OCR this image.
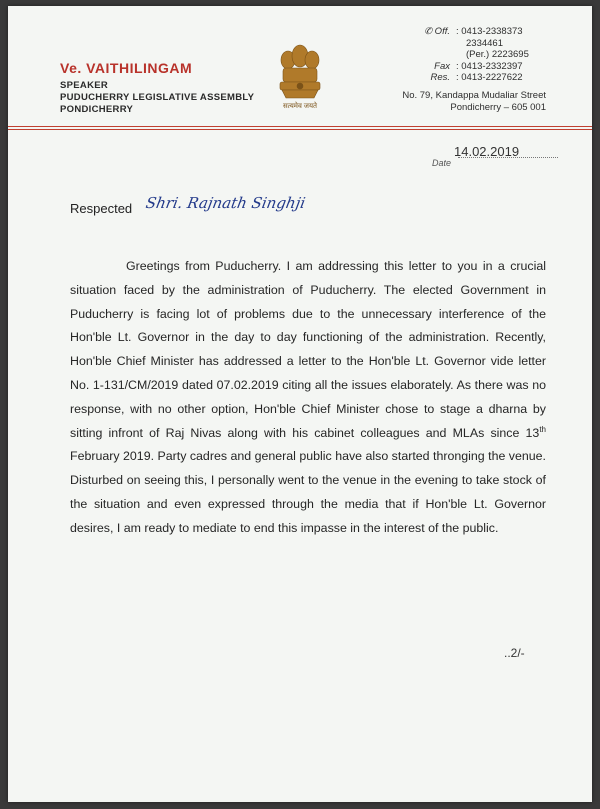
Ve. VAITHILINGAM
SPEAKER
PUDUCHERRY LEGISLATIVE ASSEMBLY
PONDICHERRY	सत्यमेव जयते
✆ Off. : 0413-2338373
2334461
(Per.) 2223695
Fax : 0413-2332397
Res. : 0413-2227622
No. 79, Kandappa Mudaliar Street
Pondicherry – 605 001
14.02.2019
Date
Respected Shri. Rajnath Singhji

Greetings from Puducherry. I am addressing this letter to you in a crucial situation faced by the administration of Puducherry. The elected Government in Puducherry is facing lot of problems due to the unnecessary interference of the Hon'ble Lt. Governor in the day to day functioning of the administration. Recently, Hon'ble Chief Minister has addressed a letter to the Hon'ble Lt. Governor vide letter No. 1-131/CM/2019 dated 07.02.2019 citing all the issues elaborately. As there was no response, with no other option, Hon'ble Chief Minister chose to stage a dharna by sitting infront of Raj Nivas along with his cabinet colleagues and MLAs since 13th February 2019. Party cadres and general public have also started thronging the venue. Disturbed on seeing this, I personally went to the venue in the evening to take stock of the situation and even expressed through the media that if Hon'ble Lt. Governor desires, I am ready to mediate to end this impasse in the interest of the public.

..2/-
